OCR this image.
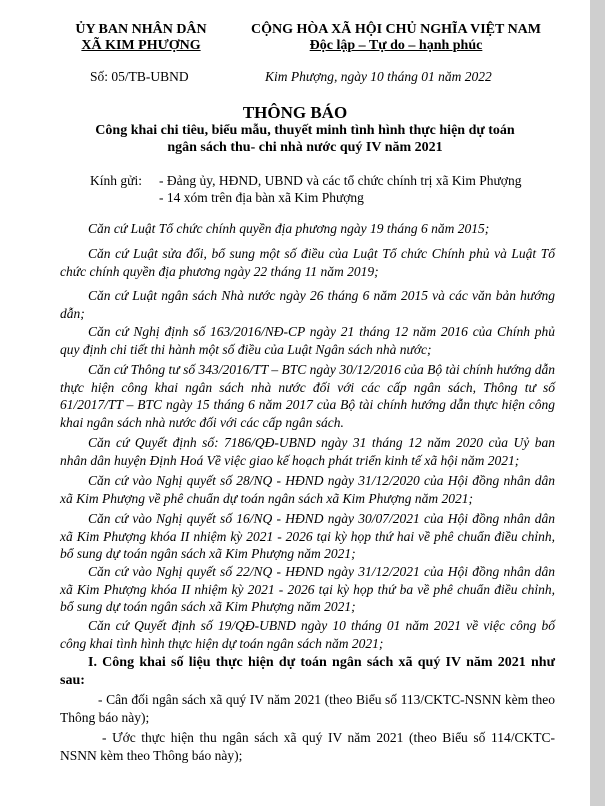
ỦY BAN NHÂN DÂN
XÃ KIM PHƯỢNG
CỘNG HÒA XÃ HỘI CHỦ NGHĨA VIỆT NAM
Độc lập – Tự do – hạnh phúc
Số: 05/TB-UBND	Kim Phượng, ngày 10 tháng 01 năm 2022
THÔNG BÁO
Công khai chi tiêu, biểu mẫu, thuyết minh tình hình thực hiện dự toán
ngân sách thu- chi nhà nước quý IV năm 2021
Kính gửi: - Đảng ủy, HĐND, UBND và các tổ chức chính trị xã Kim Phượng
- 14 xóm trên địa bàn xã Kim Phượng

Căn cứ Luật Tổ chức chính quyền địa phương ngày 19 tháng 6 năm 2015;

Căn cứ Luật sửa đổi, bổ sung một số điều của Luật Tổ chức Chính phủ và Luật Tổ chức chính quyền địa phương ngày 22 tháng 11 năm 2019;

Căn cứ Luật ngân sách Nhà nước ngày 26 tháng 6 năm 2015 và các văn bản hướng dẫn;

Căn cứ Nghị định số 163/2016/NĐ-CP ngày 21 tháng 12 năm 2016 của Chính phủ quy định chi tiết thi hành một số điều của Luật Ngân sách nhà nước;

Căn cứ Thông tư số 343/2016/TT – BTC ngày 30/12/2016 của Bộ tài chính hướng dẫn thực hiện công khai ngân sách nhà nước đối với các cấp ngân sách, Thông tư số 61/2017/TT – BTC ngày 15 tháng 6 năm 2017 của Bộ tài chính hướng dẫn thực hiện công khai ngân sách nhà nước đối với các cấp ngân sách.

Căn cứ Quyết định số: 7186/QĐ-UBND ngày 31 tháng 12 năm 2020 của Uỷ ban nhân dân huyện Định Hoá Về việc giao kế hoạch phát triển kinh tế xã hội năm 2021;

Căn cứ vào Nghị quyết số 28/NQ - HĐND ngày 31/12/2020 của Hội đồng nhân dân xã Kim Phượng về phê chuẩn dự toán ngân sách xã Kim Phượng năm 2021;

Căn cứ vào Nghị quyết số 16/NQ - HĐND ngày 30/07/2021 của Hội đồng nhân dân xã Kim Phượng khóa II nhiệm kỳ 2021 - 2026 tại kỳ họp thứ hai về phê chuẩn điều chỉnh, bổ sung dự toán ngân sách xã Kim Phượng năm 2021;

Căn cứ vào Nghị quyết số 22/NQ - HĐND ngày 31/12/2021 của Hội đồng nhân dân xã Kim Phượng khóa II nhiệm kỳ 2021 - 2026 tại kỳ họp thứ ba về phê chuẩn điều chỉnh, bổ sung dự toán ngân sách xã Kim Phượng năm 2021;

Căn cứ Quyết định số 19/QĐ-UBND ngày 10 tháng 01 năm 2021 về việc công bố công khai tình hình thực hiện dự toán ngân sách năm 2021;

I. Công khai số liệu thực hiện dự toán ngân sách xã quý IV năm 2021 như sau:

- Cân đối ngân sách xã quý IV năm 2021 (theo Biểu số 113/CKTC-NSNN kèm theo Thông báo này);

- Ước thực hiện thu ngân sách xã quý IV năm 2021 (theo Biểu số 114/CKTC-NSNN kèm theo Thông báo này);
